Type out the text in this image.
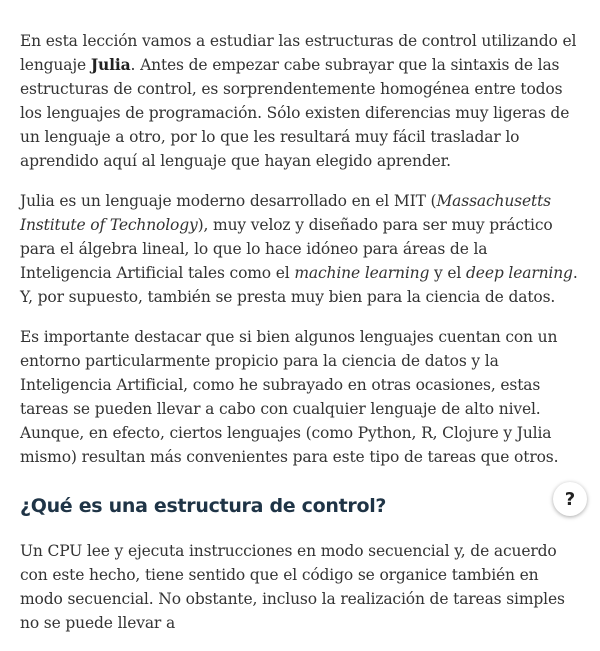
En esta lección vamos a estudiar las estructuras de control utilizando el lenguaje Julia. Antes de empezar cabe subrayar que la sintaxis de las estructuras de control, es sorprendentemente homogénea entre todos los lenguajes de programación. Sólo existen diferencias muy ligeras de un lenguaje a otro, por lo que les resultará muy fácil trasladar lo aprendido aquí al lenguaje que hayan elegido aprender.

Julia es un lenguaje moderno desarrollado en el MIT (Massachusetts Institute of Technology), muy veloz y diseñado para ser muy práctico para el álgebra lineal, lo que lo hace idóneo para áreas de la Inteligencia Artificial tales como el machine learning y el deep learning. Y, por supuesto, también se presta muy bien para la ciencia de datos.

Es importante destacar que si bien algunos lenguajes cuentan con un entorno particularmente propicio para la ciencia de datos y la Inteligencia Artificial, como he subrayado en otras ocasiones, estas tareas se pueden llevar a cabo con cualquier lenguaje de alto nivel. Aunque, en efecto, ciertos lenguajes (como Python, R, Clojure y Julia mismo) resultan más convenientes para este tipo de tareas que otros.

¿Qué es una estructura de control?

Un CPU lee y ejecuta instrucciones en modo secuencial y, de acuerdo con este hecho, tiene sentido que el código se organice también en modo secuencial. No obstante, incluso la realización de tareas simples no se puede llevar a

?
